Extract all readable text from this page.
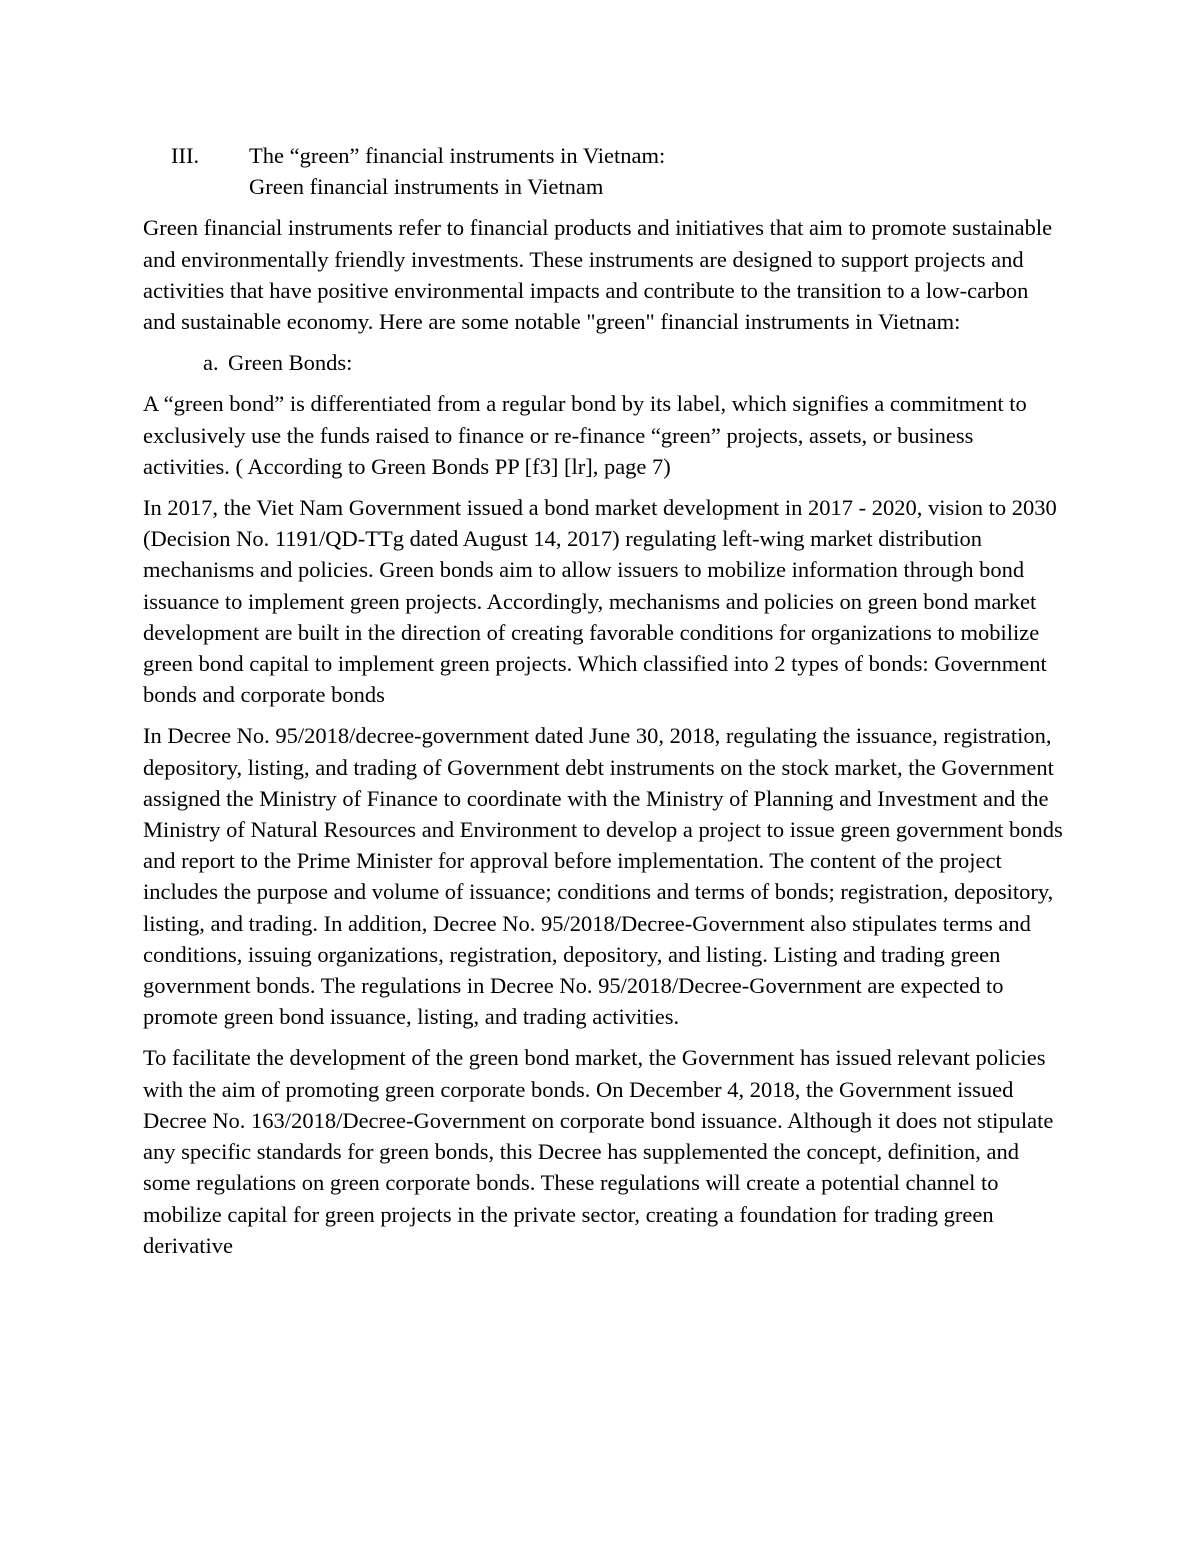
III.	The “green” financial instruments in Vietnam:

Green financial instruments in Vietnam

Green financial instruments refer to financial products and initiatives that aim to promote sustainable and environmentally friendly investments. These instruments are designed to support projects and activities that have positive environmental impacts and contribute to the transition to a low-carbon and sustainable economy. Here are some notable "green" financial instruments in Vietnam:

a. Green Bonds:

A “green bond” is differentiated from a regular bond by its label, which signifies a commitment to exclusively use the funds raised to finance or re-finance “green” projects, assets, or business activities. ( According to Green Bonds PP [f3] [lr], page 7)

In 2017, the Viet Nam Government issued a bond market development in 2017 - 2020, vision to 2030 (Decision No. 1191/QD-TTg dated August 14, 2017) regulating left-wing market distribution mechanisms and policies. Green bonds aim to allow issuers to mobilize information through bond issuance to implement green projects. Accordingly, mechanisms and policies on green bond market development are built in the direction of creating favorable conditions for organizations to mobilize green bond capital to implement green projects. Which classified into 2 types of bonds: Government bonds and corporate bonds

In Decree No. 95/2018/decree-government dated June 30, 2018, regulating the issuance, registration, depository, listing, and trading of Government debt instruments on the stock market, the Government assigned the Ministry of Finance to coordinate with the Ministry of Planning and Investment and the Ministry of Natural Resources and Environment to develop a project to issue green government bonds and report to the Prime Minister for approval before implementation. The content of the project includes the purpose and volume of issuance; conditions and terms of bonds; registration, depository, listing, and trading. In addition, Decree No. 95/2018/Decree-Government also stipulates terms and conditions, issuing organizations, registration, depository, and listing. Listing and trading green government bonds. The regulations in Decree No. 95/2018/Decree-Government are expected to promote green bond issuance, listing, and trading activities.

To facilitate the development of the green bond market, the Government has issued relevant policies with the aim of promoting green corporate bonds. On December 4, 2018, the Government issued Decree No. 163/2018/Decree-Government on corporate bond issuance. Although it does not stipulate any specific standards for green bonds, this Decree has supplemented the concept, definition, and some regulations on green corporate bonds. These regulations will create a potential channel to mobilize capital for green projects in the private sector, creating a foundation for trading green derivative
